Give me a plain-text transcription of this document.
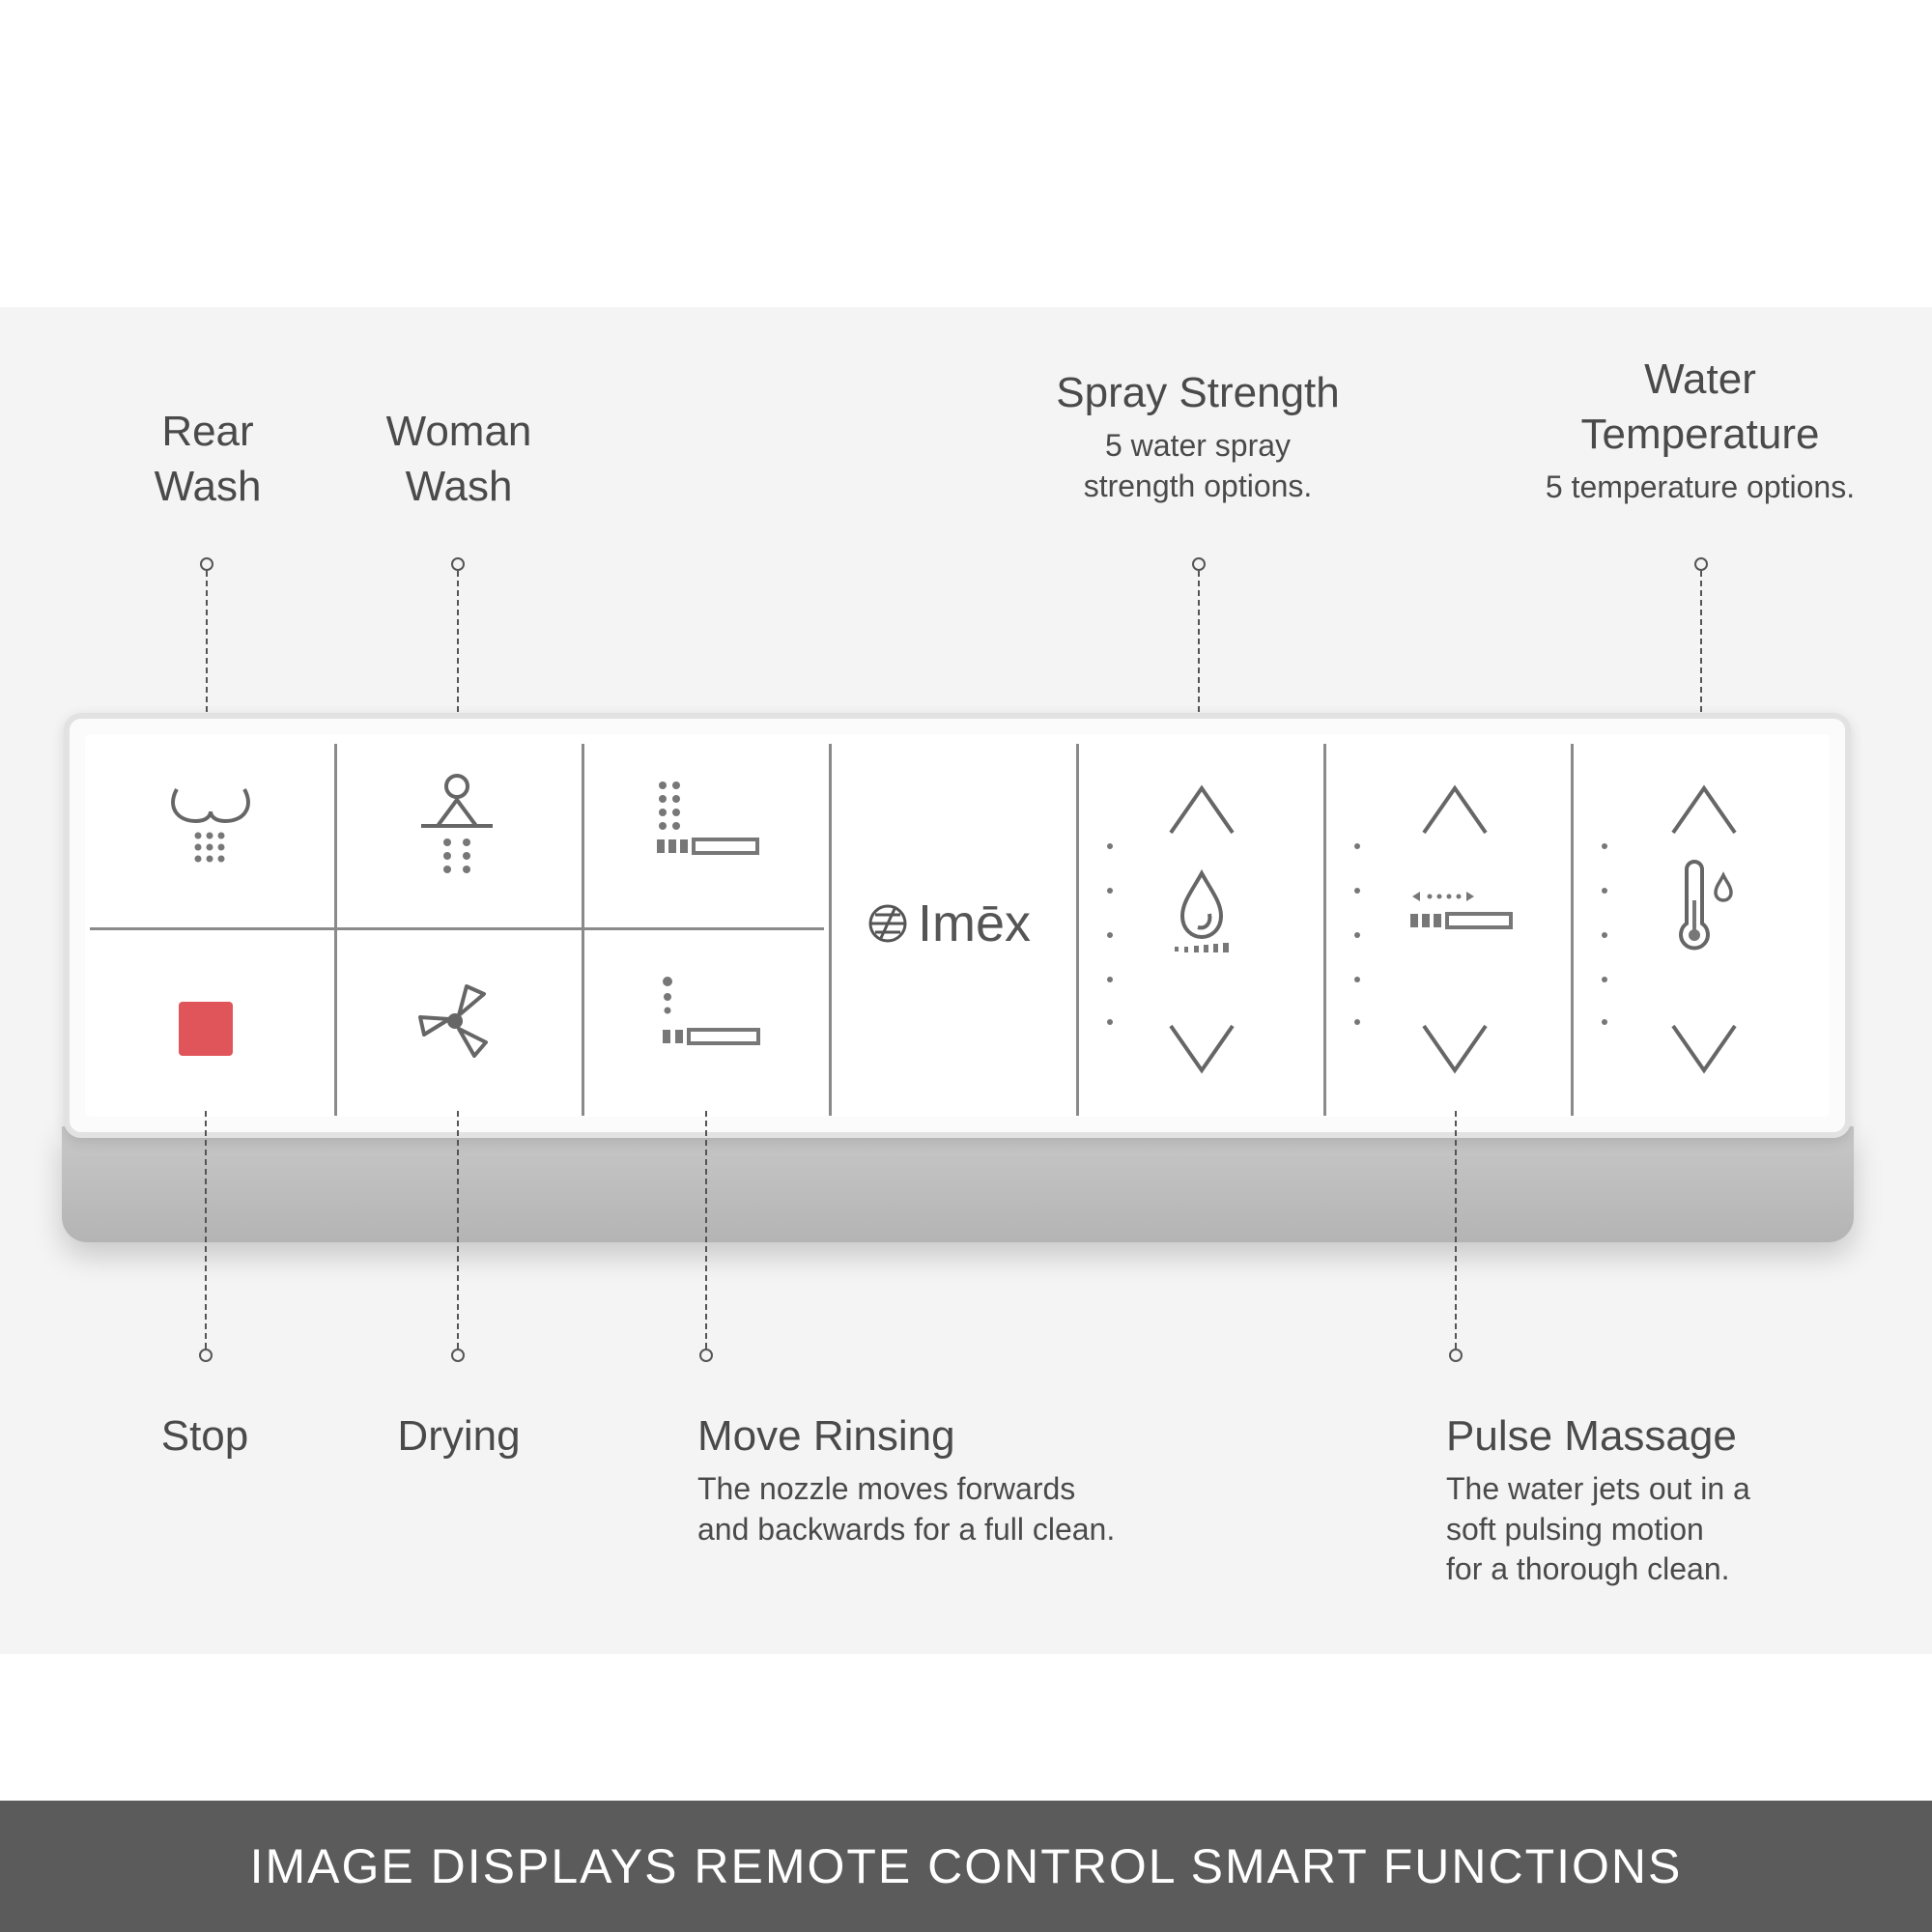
Rear
Wash
Woman
Wash
Spray Strength
5 water spray
strength options.
Water
Temperature
5 temperature options.
Imēx
Stop	Drying	Move Rinsing
The nozzle moves forwards
and backwards for a full clean.
Pulse Massage
The water jets out in a
soft pulsing motion
for a thorough clean.
IMAGE DISPLAYS REMOTE CONTROL SMART FUNCTIONS
